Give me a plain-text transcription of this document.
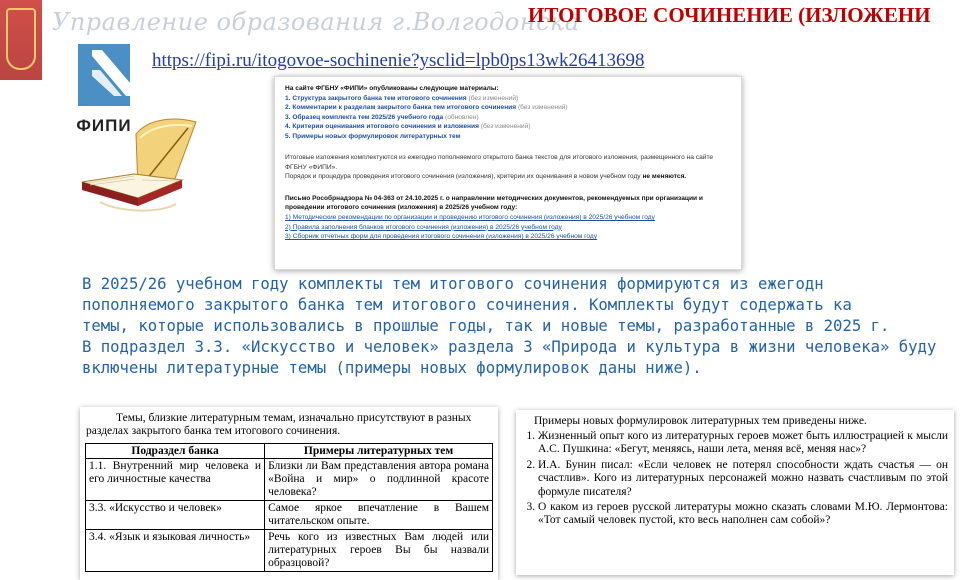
Управление образования г.Волгодонска
ИТОГОВОЕ СОЧИНЕНИЕ (ИЗЛОЖЕНИ
ФИПИ
https://fipi.ru/itogovoe-sochinenie?ysclid=lpb0ps13wk26413698

На сайте ФГБНУ «ФИПИ» опубликованы следующие материалы:

1. Структура закрытого банка тем итогового сочинения (без изменений)

2. Комментарии к разделам закрытого банка тем итогового сочинения (без изменений)

3. Образец комплекта тем 2025/26 учебного года (обновлен)

4. Критерии оценивания итогового сочинения и изложения (без изменений)

5. Примеры новых формулировок литературных тем

Итоговые изложения комплектуются из ежегодно пополняемого открытого банка текстов для итогового изложения, размещенного на сайте ФГБНУ «ФИПИ».

Порядок и процедура проведения итогового сочинения (изложения), критерии их оценивания в новом учебном году не меняются.

Письмо Рособрнадзора № 04-363 от 24.10.2025 г. о направлении методических документов, рекомендуемых при организации и проведении итогового сочинения (изложения) в 2025/26 учебном году:

1) Методические рекомендации по организации и проведению итогового сочинения (изложения) в 2025/26 учебном году

2) Правила заполнения бланков итогового сочинения (изложения) в 2025/26 учебном году

3) Сборник отчетных форм для проведения итогового сочинения (изложения) в 2025/26 учебном году

В 2025/26 учебном году комплекты тем итогового сочинения формируются из ежегодн
пополняемого закрытого банка тем итогового сочинения. Комплекты будут содержать ка
темы, которые использовались в прошлые годы, так и новые темы, разработанные в 2025 г.
В подраздел 3.3. «Искусство и человек» раздела 3 «Природа и культура в жизни человека» буду
включены литературные темы (примеры новых формулировок даны ниже).
Темы, близкие литературным темам, изначально присутствуют в разных разделах закрытого банка тем итогового сочинения.
Подраздел банка	Примеры литературных тем
1.1. Внутренний мир человека и его личностные качества	Близки ли Вам представления автора романа «Война и мир» о подлинной красоте человека?
3.3. «Искусство и человек»	Самое яркое впечатление в Вашем читательском опыте.
3.4. «Язык и языковая личность»	Речь кого из известных Вам людей или литературных героев Вы бы назвали образцовой?
Примеры новых формулировок литературных тем приведены ниже.
1. Жизненный опыт кого из литературных героев может быть иллюстрацией к мысли А.С. Пушкина: «Бегут, меняясь, наши лета, меняя всё, меняя нас»?
2. И.А. Бунин писал: «Если человек не потерял способности ждать счастья — он счастлив». Кого из литературных персонажей можно назвать счастливым по этой формуле писателя?
3. О каком из героев русской литературы можно сказать словами М.Ю. Лермонтова: «Тот самый человек пустой, кто весь наполнен сам собой»?
